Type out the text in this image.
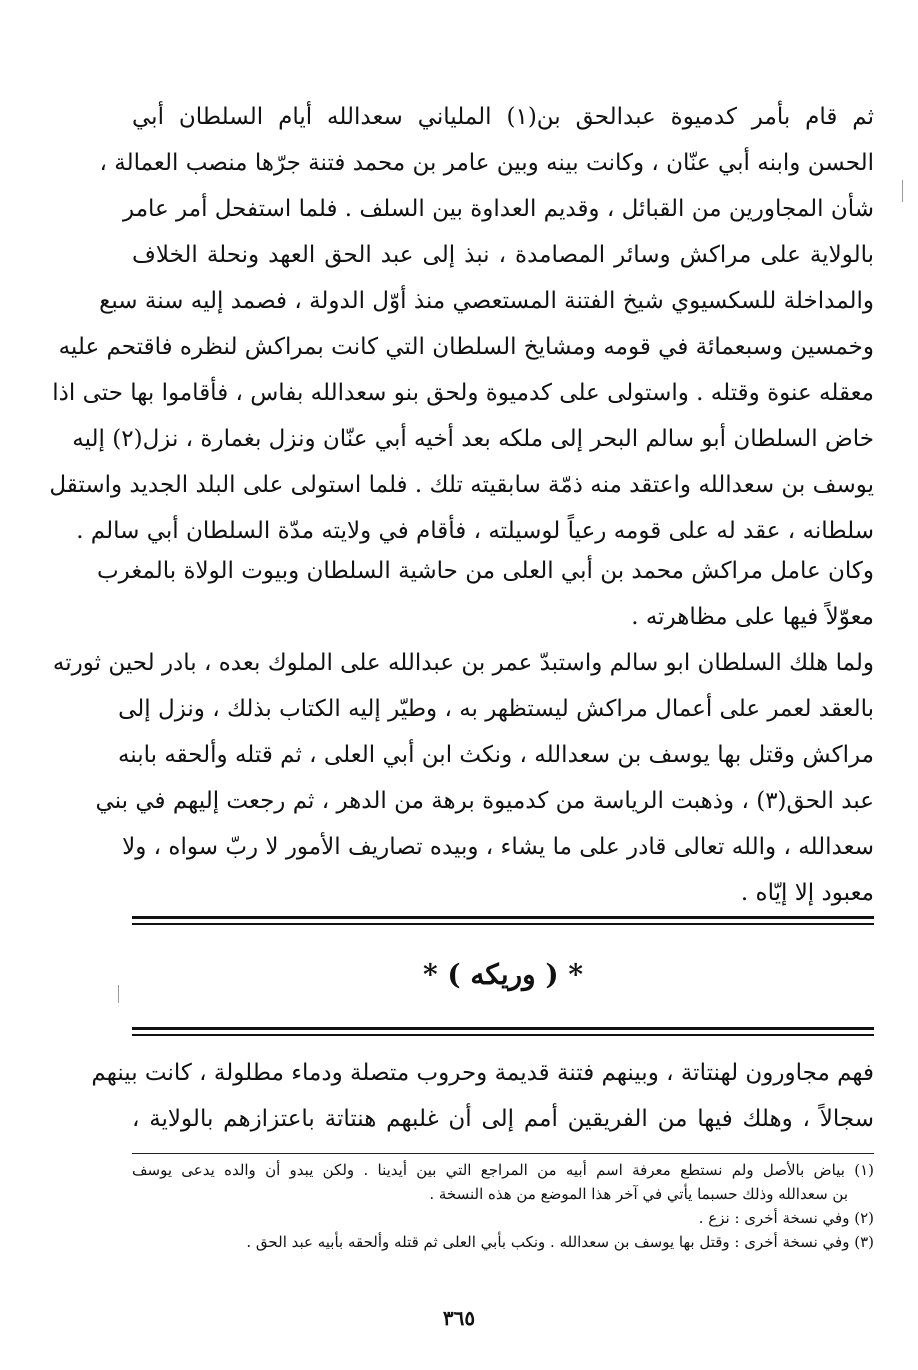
ثم قام بأمر كدميوة عبدالحق بن(١) الملياني سعدالله أيام السلطان أبي
الحسن وابنه أبي عنّان ، وكانت بينه وبين عامر بن محمد فتنة جرّها منصب العمالة ،
شأن المجاورين من القبائل ، وقديم العداوة بين السلف . فلما استفحل أمر عامر
بالولاية على مراكش وسائر المصامدة ، نبذ إلى عبد الحق العهد ونحلة الخلاف
والمداخلة للسكسيوي شيخ الفتنة المستعصي منذ أوّل الدولة ، فصمد إليه سنة سبع
وخمسين وسبعمائة في قومه ومشايخ السلطان التي كانت بمراكش لنظره فاقتحم عليه
معقله عنوة وقتله . واستولى على كدميوة ولحق بنو سعدالله بفاس ، فأقاموا بها حتى اذا
خاض السلطان أبو سالم البحر إلى ملكه بعد أخيه أبي عنّان ونزل بغمارة ، نزل(٢) إليه
يوسف بن سعدالله واعتقد منه ذمّة سابقيته تلك . فلما استولى على البلد الجديد واستقل
سلطانه ، عقد له على قومه رعياً لوسيلته ، فأقام في ولايته مدّة السلطان أبي سالم .
وكان عامل مراكش محمد بن أبي العلى من حاشية السلطان وبيوت الولاة بالمغرب
معوّلاً فيها على مظاهرته .
ولما هلك السلطان ابو سالم واستبدّ عمر بن عبدالله على الملوك بعده ، بادر لحين ثورته
بالعقد لعمر على أعمال مراكش ليستظهر به ، وطيّر إليه الكتاب بذلك ، ونزل إلى
مراكش وقتل بها يوسف بن سعدالله ، ونكث ابن أبي العلى ، ثم قتله وألحقه بابنه
عبد الحق(٣) ، وذهبت الرياسة من كدميوة برهة من الدهر ، ثم رجعت إليهم في بني
سعدالله ، والله تعالى قادر على ما يشاء ، وبيده تصاريف الأمور لا ربّ سواه ، ولا
معبود إلا إيّاه .
* ( وريكه ) *
فهم مجاورون لهنتاتة ، وبينهم فتنة قديمة وحروب متصلة ودماء مطلولة ، كانت بينهم
سجالاً ، وهلك فيها من الفريقين أمم إلى أن غلبهم هنتاتة باعتزازهم بالولاية ،
(١) بياض بالأصل ولم نستطع معرفة اسم أبيه من المراجع التي بين أيدينا . ولكن يبدو أن والده يدعى يوسف
بن سعدالله وذلك حسبما يأتي في آخر هذا الموضع من هذه النسخة .
(٢) وفي نسخة أخرى : نزع .
(٣) وفي نسخة أخرى : وقتل بها يوسف بن سعدالله . ونكب بأبي العلى ثم قتله وألحقه بأبيه عبد الحق .
٣٦٥
